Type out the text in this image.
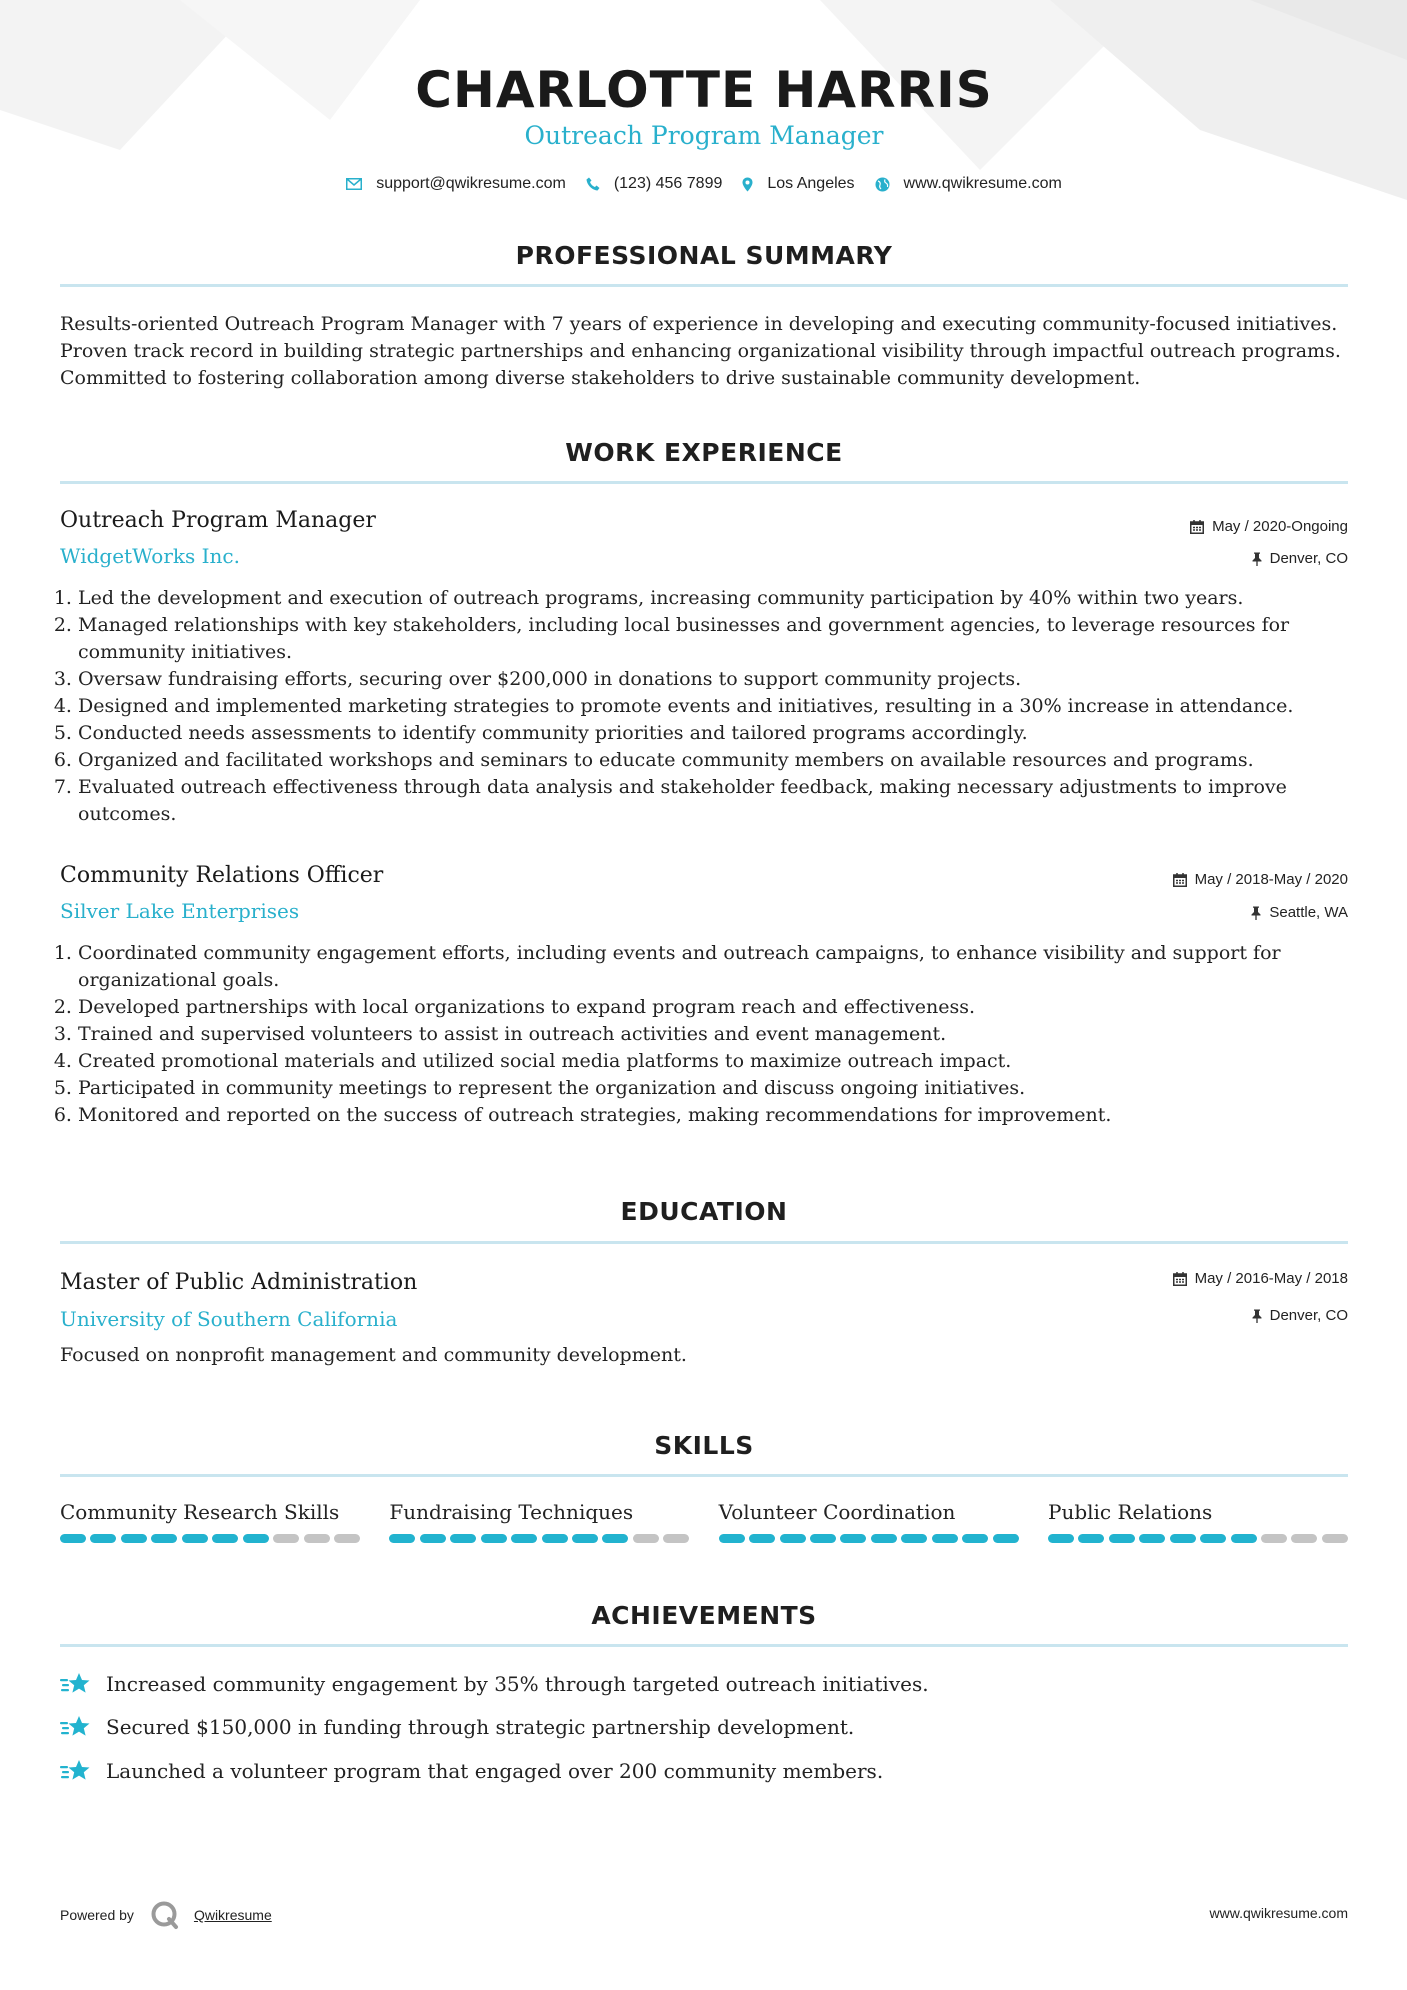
CHARLOTTE HARRIS
Outreach Program Manager
support@qwikresume.com	(123) 456 7899	Los Angeles	www.qwikresume.com
PROFESSIONAL SUMMARY
Results-oriented Outreach Program Manager with 7 years of experience in developing and executing community-focused initiatives. Proven track record in building strategic partnerships and enhancing organizational visibility through impactful outreach programs. Committed to fostering collaboration among diverse stakeholders to drive sustainable community development.
WORK EXPERIENCE
Outreach Program Manager	May / 2020-Ongoing
WidgetWorks Inc.	Denver, CO
1. Led the development and execution of outreach programs, increasing community participation by 40% within two years.
2. Managed relationships with key stakeholders, including local businesses and government agencies, to leverage resources for community initiatives.
3. Oversaw fundraising efforts, securing over $200,000 in donations to support community projects.
4. Designed and implemented marketing strategies to promote events and initiatives, resulting in a 30% increase in attendance.
5. Conducted needs assessments to identify community priorities and tailored programs accordingly.
6. Organized and facilitated workshops and seminars to educate community members on available resources and programs.
7. Evaluated outreach effectiveness through data analysis and stakeholder feedback, making necessary adjustments to improve outcomes.
Community Relations Officer	May / 2018-May / 2020
Silver Lake Enterprises	Seattle, WA
1. Coordinated community engagement efforts, including events and outreach campaigns, to enhance visibility and support for organizational goals.
2. Developed partnerships with local organizations to expand program reach and effectiveness.
3. Trained and supervised volunteers to assist in outreach activities and event management.
4. Created promotional materials and utilized social media platforms to maximize outreach impact.
5. Participated in community meetings to represent the organization and discuss ongoing initiatives.
6. Monitored and reported on the success of outreach strategies, making recommendations for improvement.
EDUCATION
Master of Public Administration	May / 2016-May / 2018
University of Southern California	Denver, CO
Focused on nonprofit management and community development.
SKILLS
Community Research Skills	Fundraising Techniques	Volunteer Coordination	Public Relations
ACHIEVEMENTS
Increased community engagement by 35% through targeted outreach initiatives.
Secured $150,000 in funding through strategic partnership development.
Launched a volunteer program that engaged over 200 community members.
Powered by	Qwikresume	www.qwikresume.com
